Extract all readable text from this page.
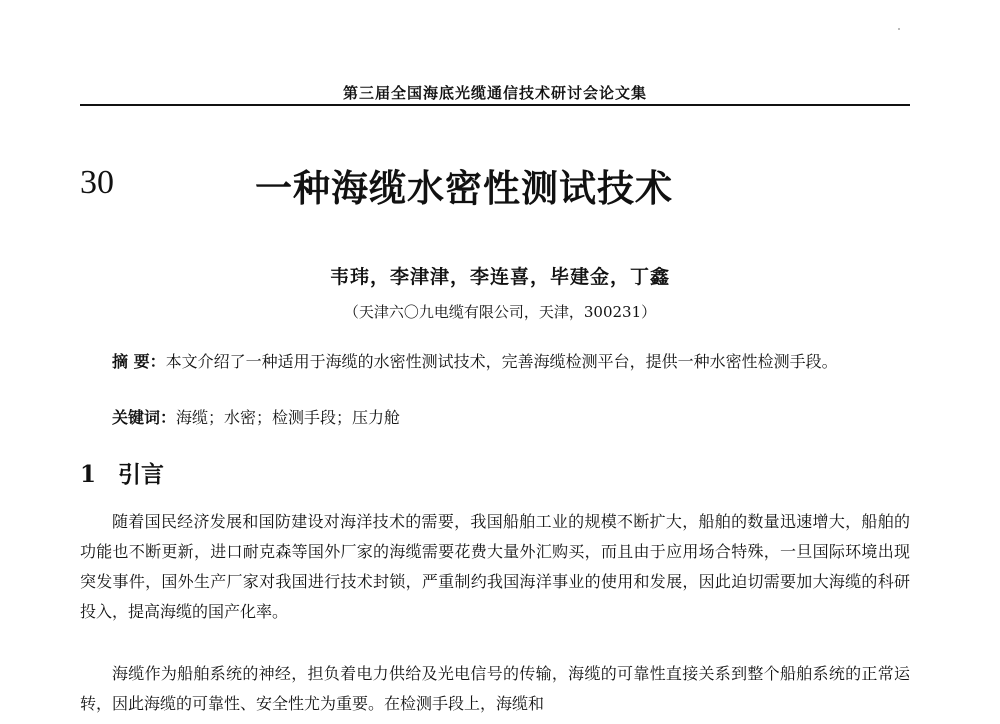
第三届全国海底光缆通信技术研讨会论文集
30	一种海缆水密性测试技术
韦玮，李津津，李连喜，毕建金，丁鑫
（天津六〇九电缆有限公司，天津，300231）

摘 要：本文介绍了一种适用于海缆的水密性测试技术，完善海缆检测平台，提供一种水密性检测手段。

关键词：海缆；水密；检测手段；压力舱

1 引言

随着国民经济发展和国防建设对海洋技术的需要，我国船舶工业的规模不断扩大，船舶的数量迅速增大，船舶的功能也不断更新，进口耐克森等国外厂家的海缆需要花费大量外汇购买，而且由于应用场合特殊，一旦国际环境出现突发事件，国外生产厂家对我国进行技术封锁，严重制约我国海洋事业的使用和发展，因此迫切需要加大海缆的科研投入，提高海缆的国产化率。

海缆作为船舶系统的神经，担负着电力供给及光电信号的传输，海缆的可靠性直接关系到整个船舶系统的正常运转，因此海缆的可靠性、安全性尤为重要。在检测手段上，海缆和
